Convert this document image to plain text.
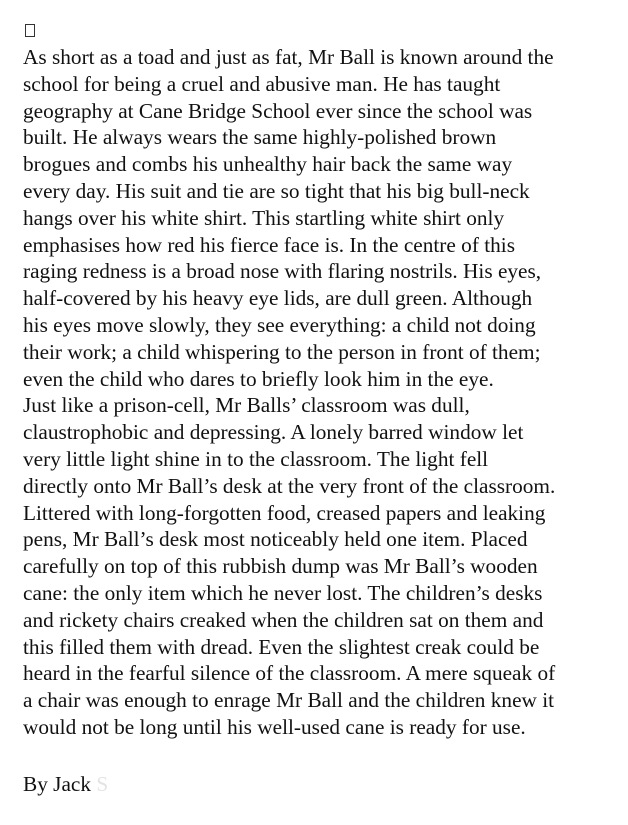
As short as a toad and just as fat, Mr Ball is known around the
school for being a cruel and abusive man. He has taught
geography at Cane Bridge School ever since the school was
built. He always wears the same highly-polished brown
brogues and combs his unhealthy hair back the same way
every day. His suit and tie are so tight that his big bull-neck
hangs over his white shirt. This startling white shirt only
emphasises how red his fierce face is. In the centre of this
raging redness is a broad nose with flaring nostrils. His eyes,
half-covered by his heavy eye lids, are dull green. Although
his eyes move slowly, they see everything: a child not doing
their work; a child whispering to the person in front of them;
even the child who dares to briefly look him in the eye.

Just like a prison-cell, Mr Balls’ classroom was dull,
claustrophobic and depressing. A lonely barred window let
very little light shine in to the classroom. The light fell
directly onto Mr Ball’s desk at the very front of the classroom.
Littered with long-forgotten food, creased papers and leaking
pens, Mr Ball’s desk most noticeably held one item. Placed
carefully on top of this rubbish dump was Mr Ball’s wooden
cane: the only item which he never lost. The children’s desks
and rickety chairs creaked when the children sat on them and
this filled them with dread. Even the slightest creak could be
heard in the fearful silence of the classroom. A mere squeak of
a chair was enough to enrage Mr Ball and the children knew it
would not be long until his well-used cane is ready for use.

By Jack S
